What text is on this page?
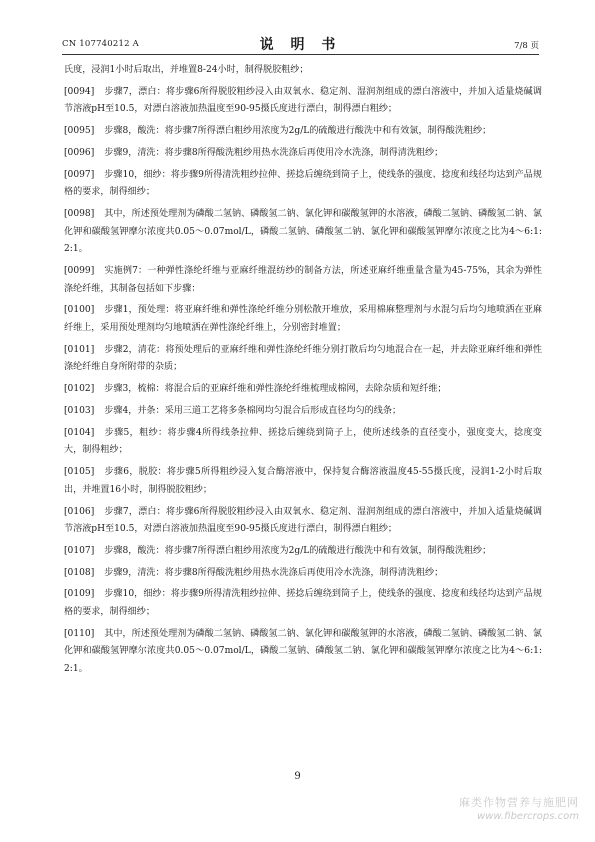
CN 107740212 A	说 明 书	7/8 页
氏度，浸润1小时后取出，并堆置8-24小时，制得脱胶粗纱；
[0094] 步骤7，漂白：将步骤6所得脱胶粗纱浸入由双氧水、稳定剂、湿润剂组成的漂白溶液中，并加入适量烧碱调节溶液pH至10.5，对漂白溶液加热温度至90-95摄氏度进行漂白，制得漂白粗纱；
[0095] 步骤8，酸洗：将步骤7所得漂白粗纱用浓度为2g/L的硫酸进行酸洗中和有效氯，制得酸洗粗纱；
[0096] 步骤9，清洗：将步骤8所得酸洗粗纱用热水洗涤后再使用冷水洗涤，制得清洗粗纱；
[0097] 步骤10，细纱：将步骤9所得清洗粗纱拉伸、搓捻后缠绕到筒子上，使线条的强度、捻度和线径均达到产品规格的要求，制得细纱；
[0098] 其中，所述预处理剂为磷酸二氢钠、磷酸氢二钠、氯化钾和碳酸氢钾的水溶液，磷酸二氢钠、磷酸氢二钠、氯化钾和碳酸氢钾摩尔浓度共0.05～0.07mol/L，磷酸二氢钠、磷酸氢二钠、氯化钾和碳酸氢钾摩尔浓度之比为4～6:1:2:1。
[0099] 实施例7：一种弹性涤纶纤维与亚麻纤维混纺纱的制备方法，所述亚麻纤维重量含量为45-75%，其余为弹性涤纶纤维，其制备包括如下步骤：
[0100] 步骤1，预处理：将亚麻纤维和弹性涤纶纤维分别松散开堆放，采用棉麻整理剂与水混匀后均匀地喷洒在亚麻纤维上，采用预处理剂均匀地喷洒在弹性涤纶纤维上，分别密封堆置；
[0101] 步骤2，清花：将预处理后的亚麻纤维和弹性涤纶纤维分别打散后均匀地混合在一起，并去除亚麻纤维和弹性涤纶纤维自身所附带的杂质；
[0102] 步骤3，梳棉：将混合后的亚麻纤维和弹性涤纶纤维梳理成棉网，去除杂质和短纤维；
[0103] 步骤4，并条：采用三道工艺将多条棉网均匀混合后形成直径均匀的线条；
[0104] 步骤5，粗纱：将步骤4所得线条拉伸、搓捻后缠绕到筒子上，使所述线条的直径变小，强度变大，捻度变大，制得粗纱；
[0105] 步骤6，脱胶：将步骤5所得粗纱浸入复合酶溶液中，保持复合酶溶液温度45-55摄氏度，浸润1-2小时后取出，并堆置16小时，制得脱胶粗纱；
[0106] 步骤7，漂白：将步骤6所得脱胶粗纱浸入由双氧水、稳定剂、湿润剂组成的漂白溶液中，并加入适量烧碱调节溶液pH至10.5，对漂白溶液加热温度至90-95摄氏度进行漂白，制得漂白粗纱；
[0107] 步骤8，酸洗：将步骤7所得漂白粗纱用浓度为2g/L的硫酸进行酸洗中和有效氯，制得酸洗粗纱；
[0108] 步骤9，清洗：将步骤8所得酸洗粗纱用热水洗涤后再使用冷水洗涤，制得清洗粗纱；
[0109] 步骤10，细纱：将步骤9所得清洗粗纱拉伸、搓捻后缠绕到筒子上，使线条的强度、捻度和线径均达到产品规格的要求，制得细纱；
[0110] 其中，所述预处理剂为磷酸二氢钠、磷酸氢二钠、氯化钾和碳酸氢钾的水溶液，磷酸二氢钠、磷酸氢二钠、氯化钾和碳酸氢钾摩尔浓度共0.05～0.07mol/L，磷酸二氢钠、磷酸氢二钠、氯化钾和碳酸氢钾摩尔浓度之比为4～6:1:2:1。
9
麻类作物营养与施肥网
www.fibercrops.com
